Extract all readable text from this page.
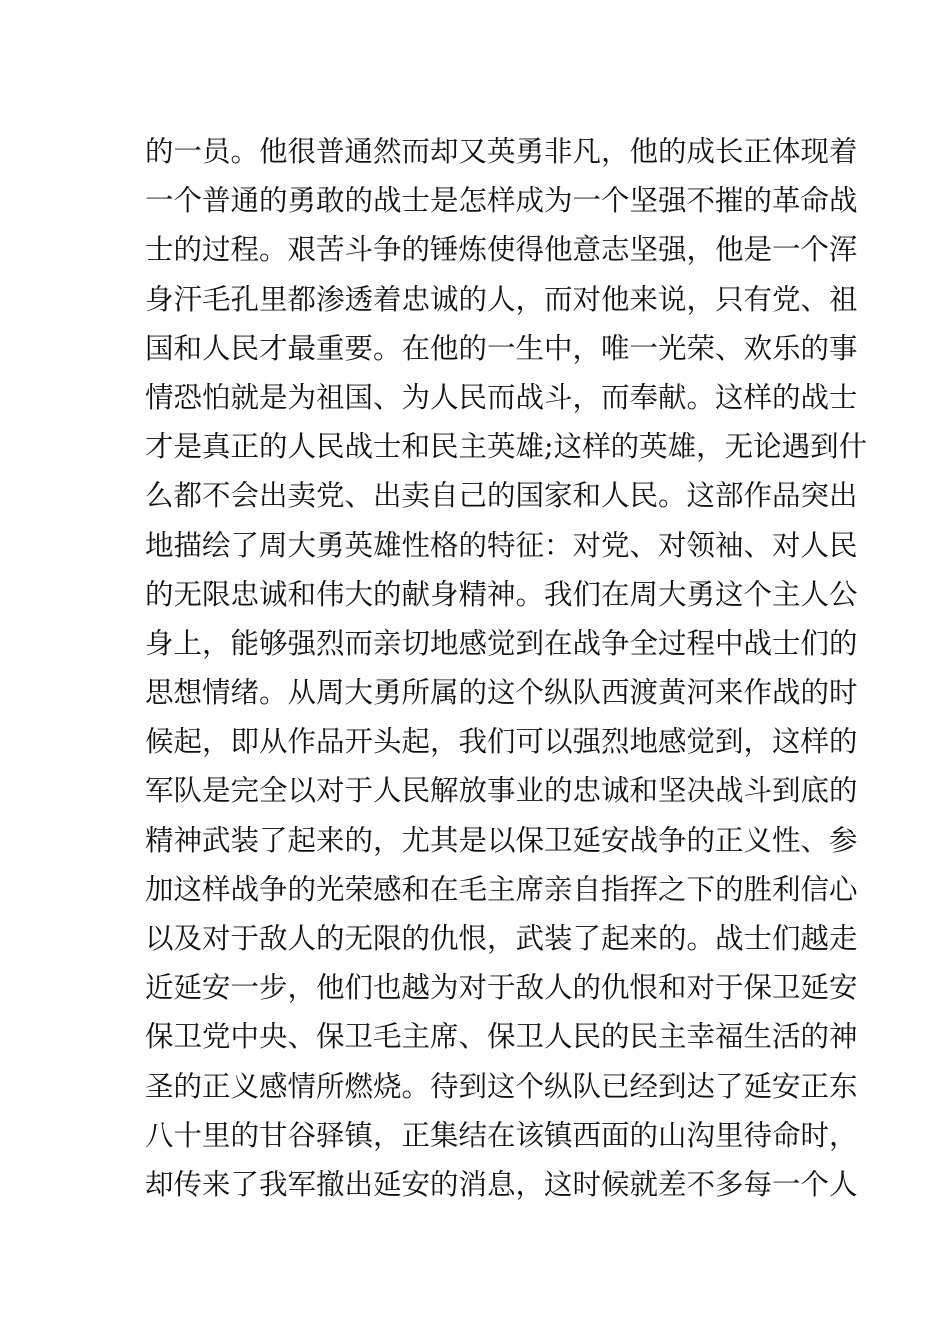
的一员。他很普通然而却又英勇非凡，他的成长正体现着
一个普通的勇敢的战士是怎样成为一个坚强不摧的革命战
士的过程。艰苦斗争的锤炼使得他意志坚强，他是一个浑
身汗毛孔里都渗透着忠诚的人，而对他来说，只有党、祖
国和人民才最重要。在他的一生中，唯一光荣、欢乐的事
情恐怕就是为祖国、为人民而战斗，而奉献。这样的战士
才是真正的人民战士和民主英雄;这样的英雄，无论遇到什
么都不会出卖党、出卖自己的国家和人民。这部作品突出
地描绘了周大勇英雄性格的特征：对党、对领袖、对人民
的无限忠诚和伟大的献身精神。我们在周大勇这个主人公
身上，能够强烈而亲切地感觉到在战争全过程中战士们的
思想情绪。从周大勇所属的这个纵队西渡黄河来作战的时
候起，即从作品开头起，我们可以强烈地感觉到，这样的
军队是完全以对于人民解放事业的忠诚和坚决战斗到底的
精神武装了起来的，尤其是以保卫延安战争的正义性、参
加这样战争的光荣感和在毛主席亲自指挥之下的胜利信心
以及对于敌人的无限的仇恨，武装了起来的。战士们越走
近延安一步，他们也越为对于敌人的仇恨和对于保卫延安
保卫党中央、保卫毛主席、保卫人民的民主幸福生活的神
圣的正义感情所燃烧。待到这个纵队已经到达了延安正东
八十里的甘谷驿镇，正集结在该镇西面的山沟里待命时，
却传来了我军撤出延安的消息，这时候就差不多每一个人
